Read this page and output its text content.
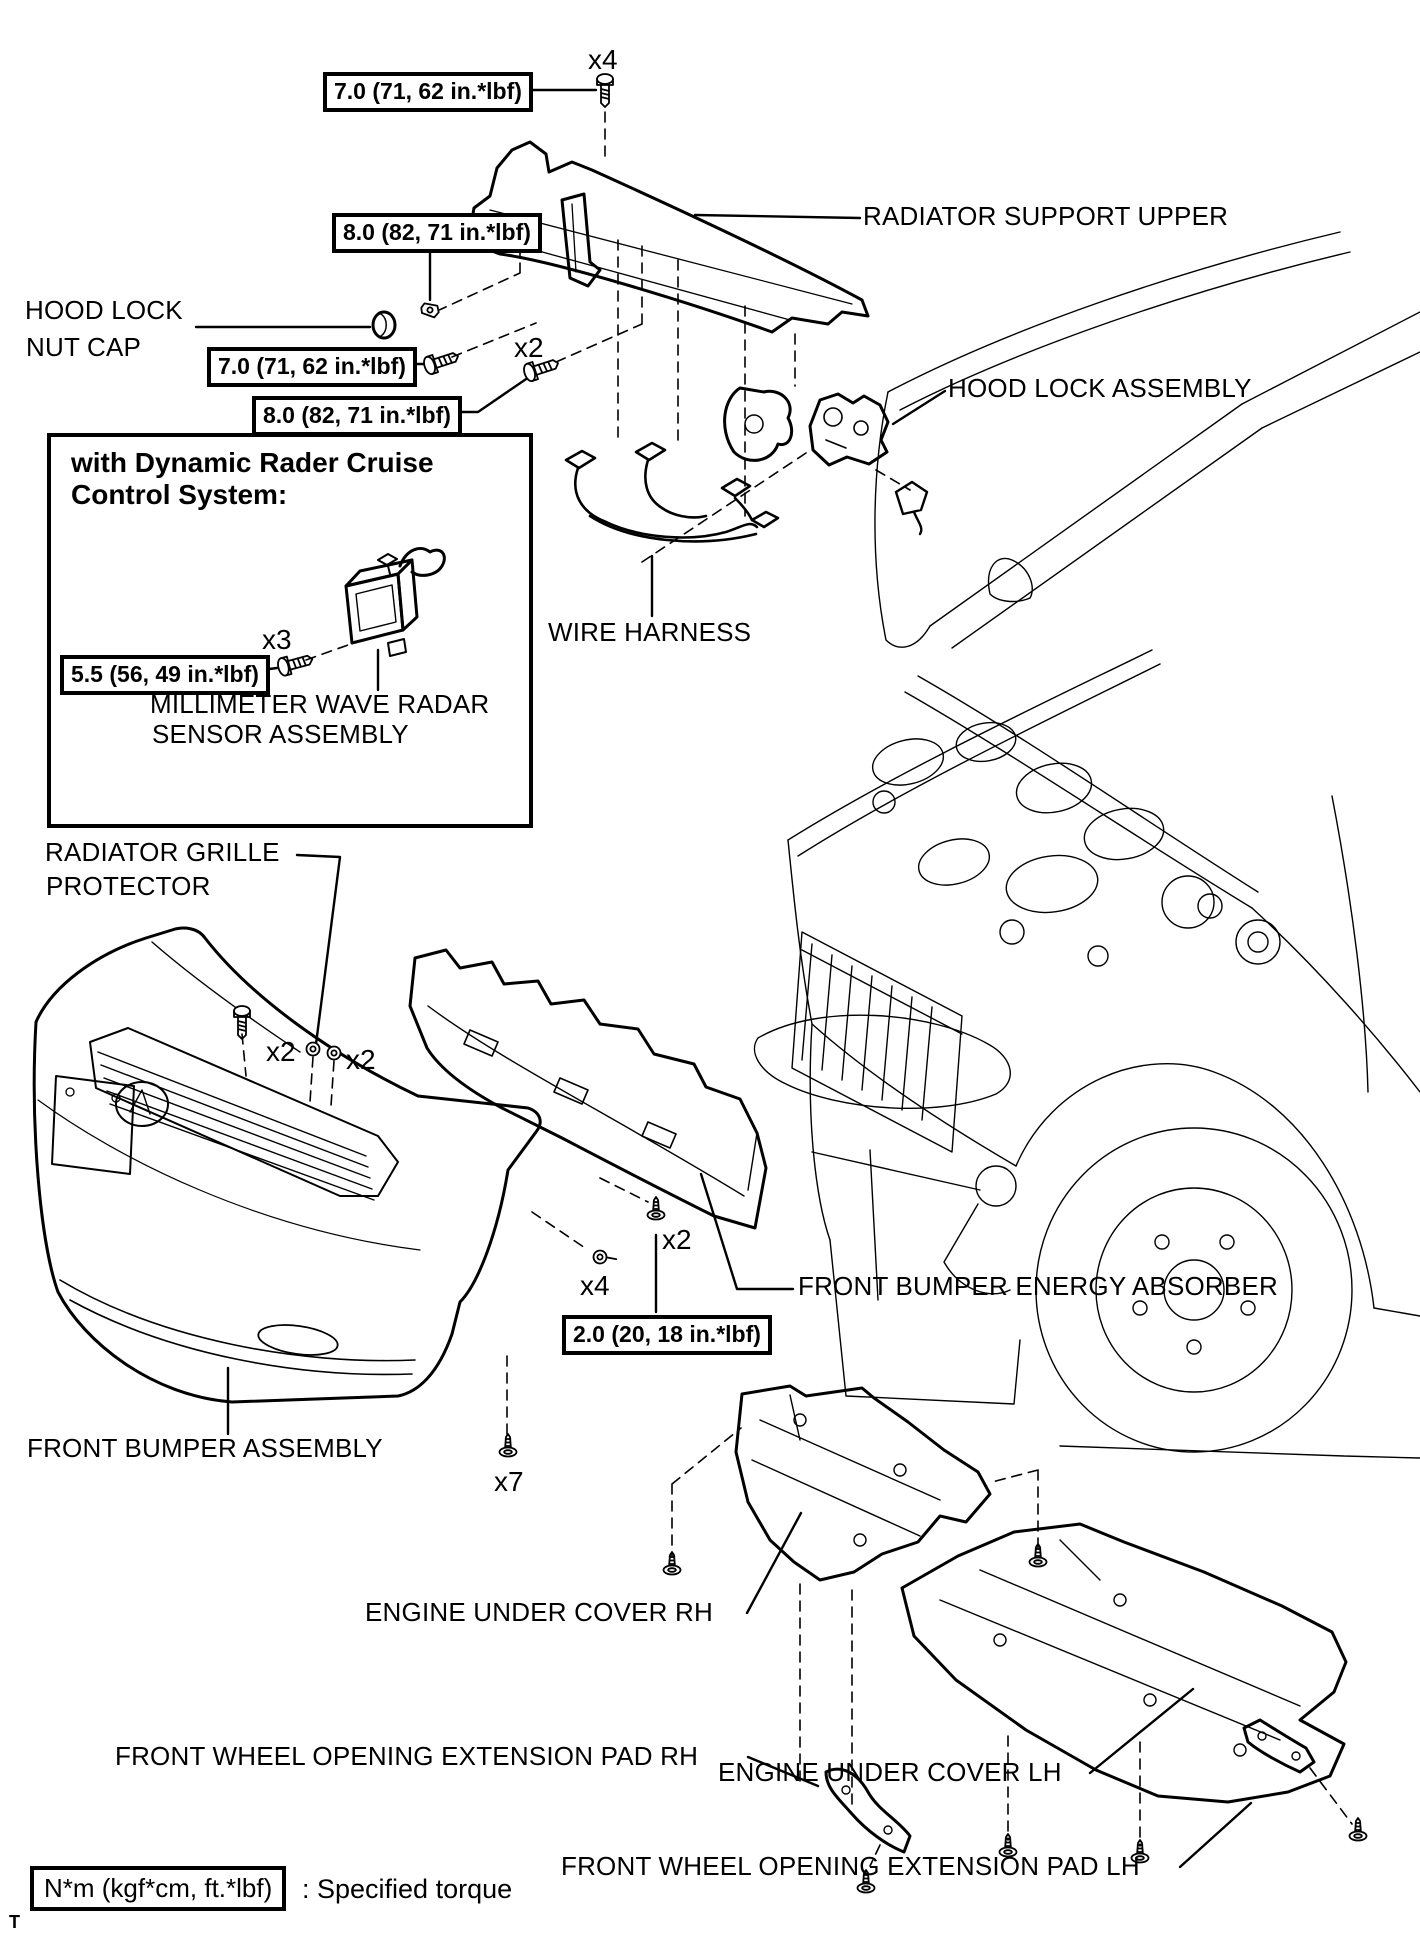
7.0 (71, 62 in.*lbf)
8.0 (82, 71 in.*lbf)
7.0 (71, 62 in.*lbf)
8.0 (82, 71 in.*lbf)
5.5 (56, 49 in.*lbf)
2.0 (20, 18 in.*lbf)
x4
x2
x3
x2 x2
x4
x2
x7
RADIATOR SUPPORT UPPER
HOOD LOCK
NUT CAP
HOOD LOCK ASSEMBLY
WIRE HARNESS
MILLIMETER WAVE RADAR
SENSOR ASSEMBLY
RADIATOR GRILLE
PROTECTOR
FRONT BUMPER ENERGY ABSORBER
FRONT BUMPER ASSEMBLY
ENGINE UNDER COVER RH
FRONT WHEEL OPENING EXTENSION PAD RH
ENGINE UNDER COVER LH
FRONT WHEEL OPENING EXTENSION PAD LH
with Dynamic Rader Cruise
Control System:
N*m (kgf*cm, ft.*lbf)	: Specified torque
T
